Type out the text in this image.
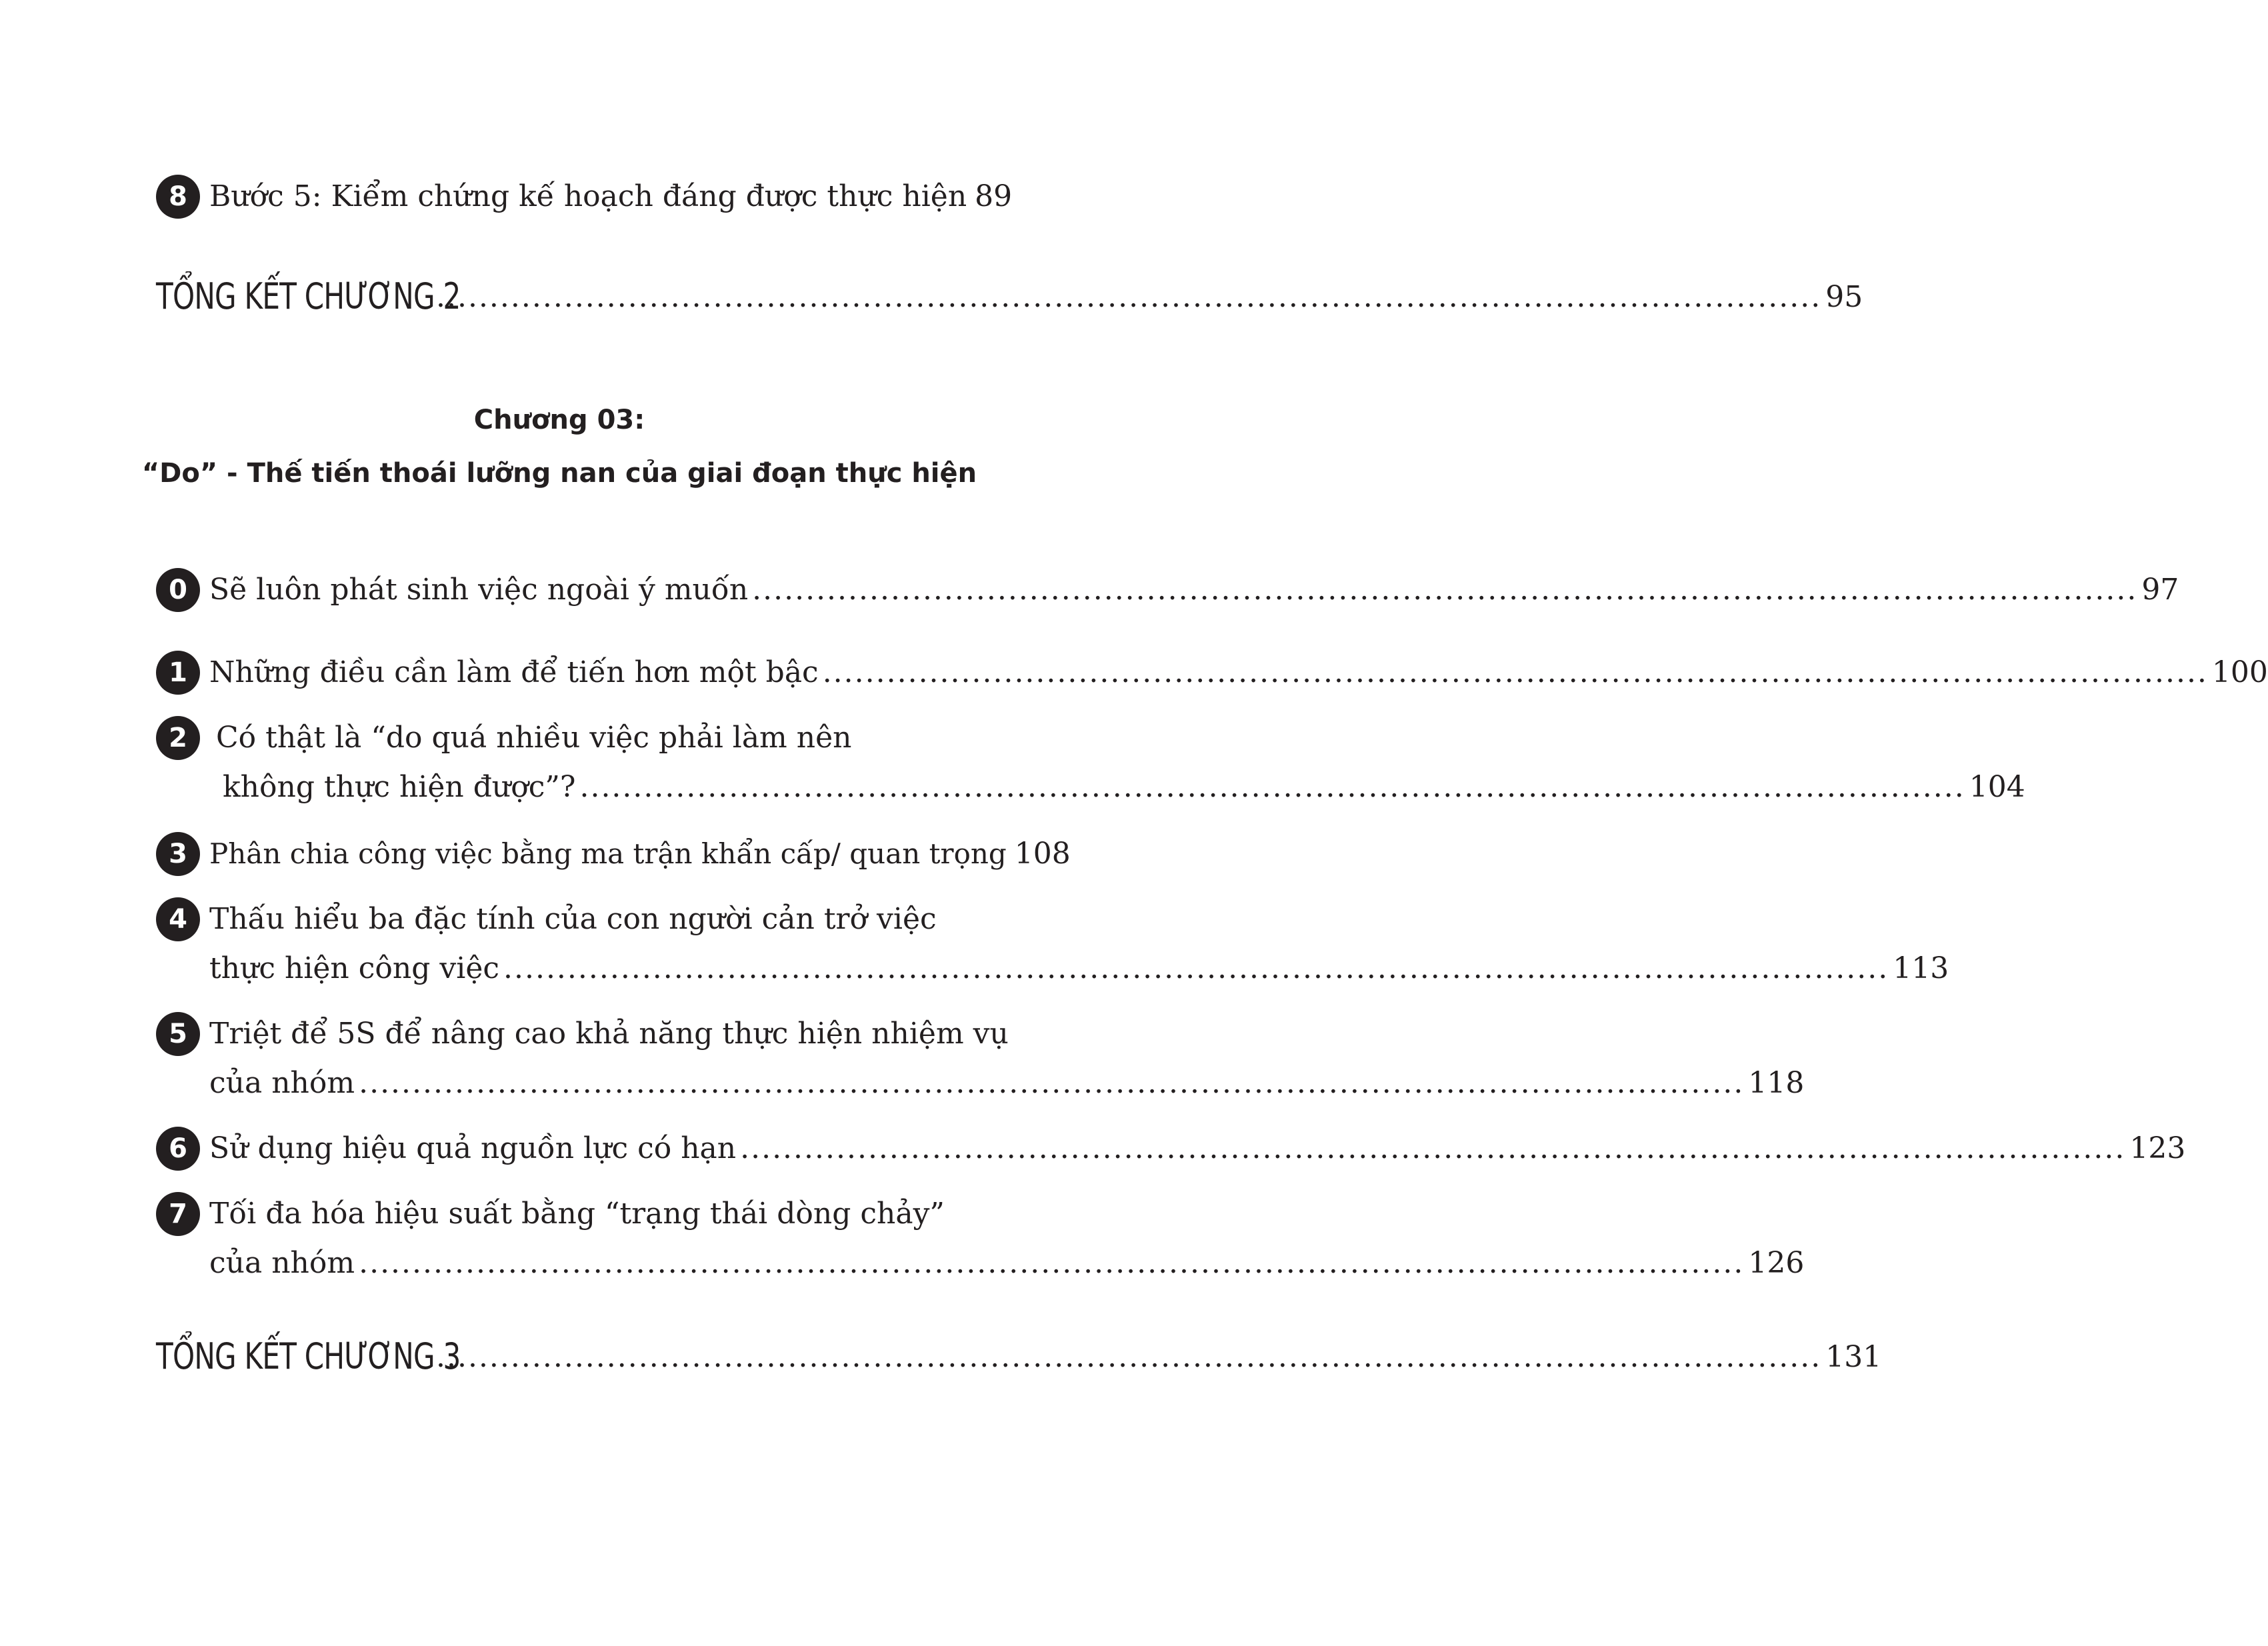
8 Bước 5: Kiểm chứng kế hoạch đáng được thực hiện 89
TỔNG KẾT CHƯƠNG 2
.................................................................................................................................. 95
Chương 03:
“Do” - Thế tiến thoái lưỡng nan của giai đoạn thực hiện
0 Sẽ luôn phát sinh việc ngoài ý muốn .................................................................................................................................. 97
1 Những điều cần làm để tiến hơn một bậc .................................................................................................................................. 100
2 Có thật là “do quá nhiều việc phải làm nên
không thực hiện được”? .................................................................................................................................. 104
3 Phân chia công việc bằng ma trận khẩn cấp/ quan trọng 108
4 Thấu hiểu ba đặc tính của con người cản trở việc
thực hiện công việc .................................................................................................................................. 113
5 Triệt để 5S để nâng cao khả năng thực hiện nhiệm vụ
của nhóm .................................................................................................................................. 118
6 Sử dụng hiệu quả nguồn lực có hạn .................................................................................................................................. 123
7 Tối đa hóa hiệu suất bằng “trạng thái dòng chảy”
của nhóm .................................................................................................................................. 126
TỔNG KẾT CHƯƠNG 3
.................................................................................................................................. 131
